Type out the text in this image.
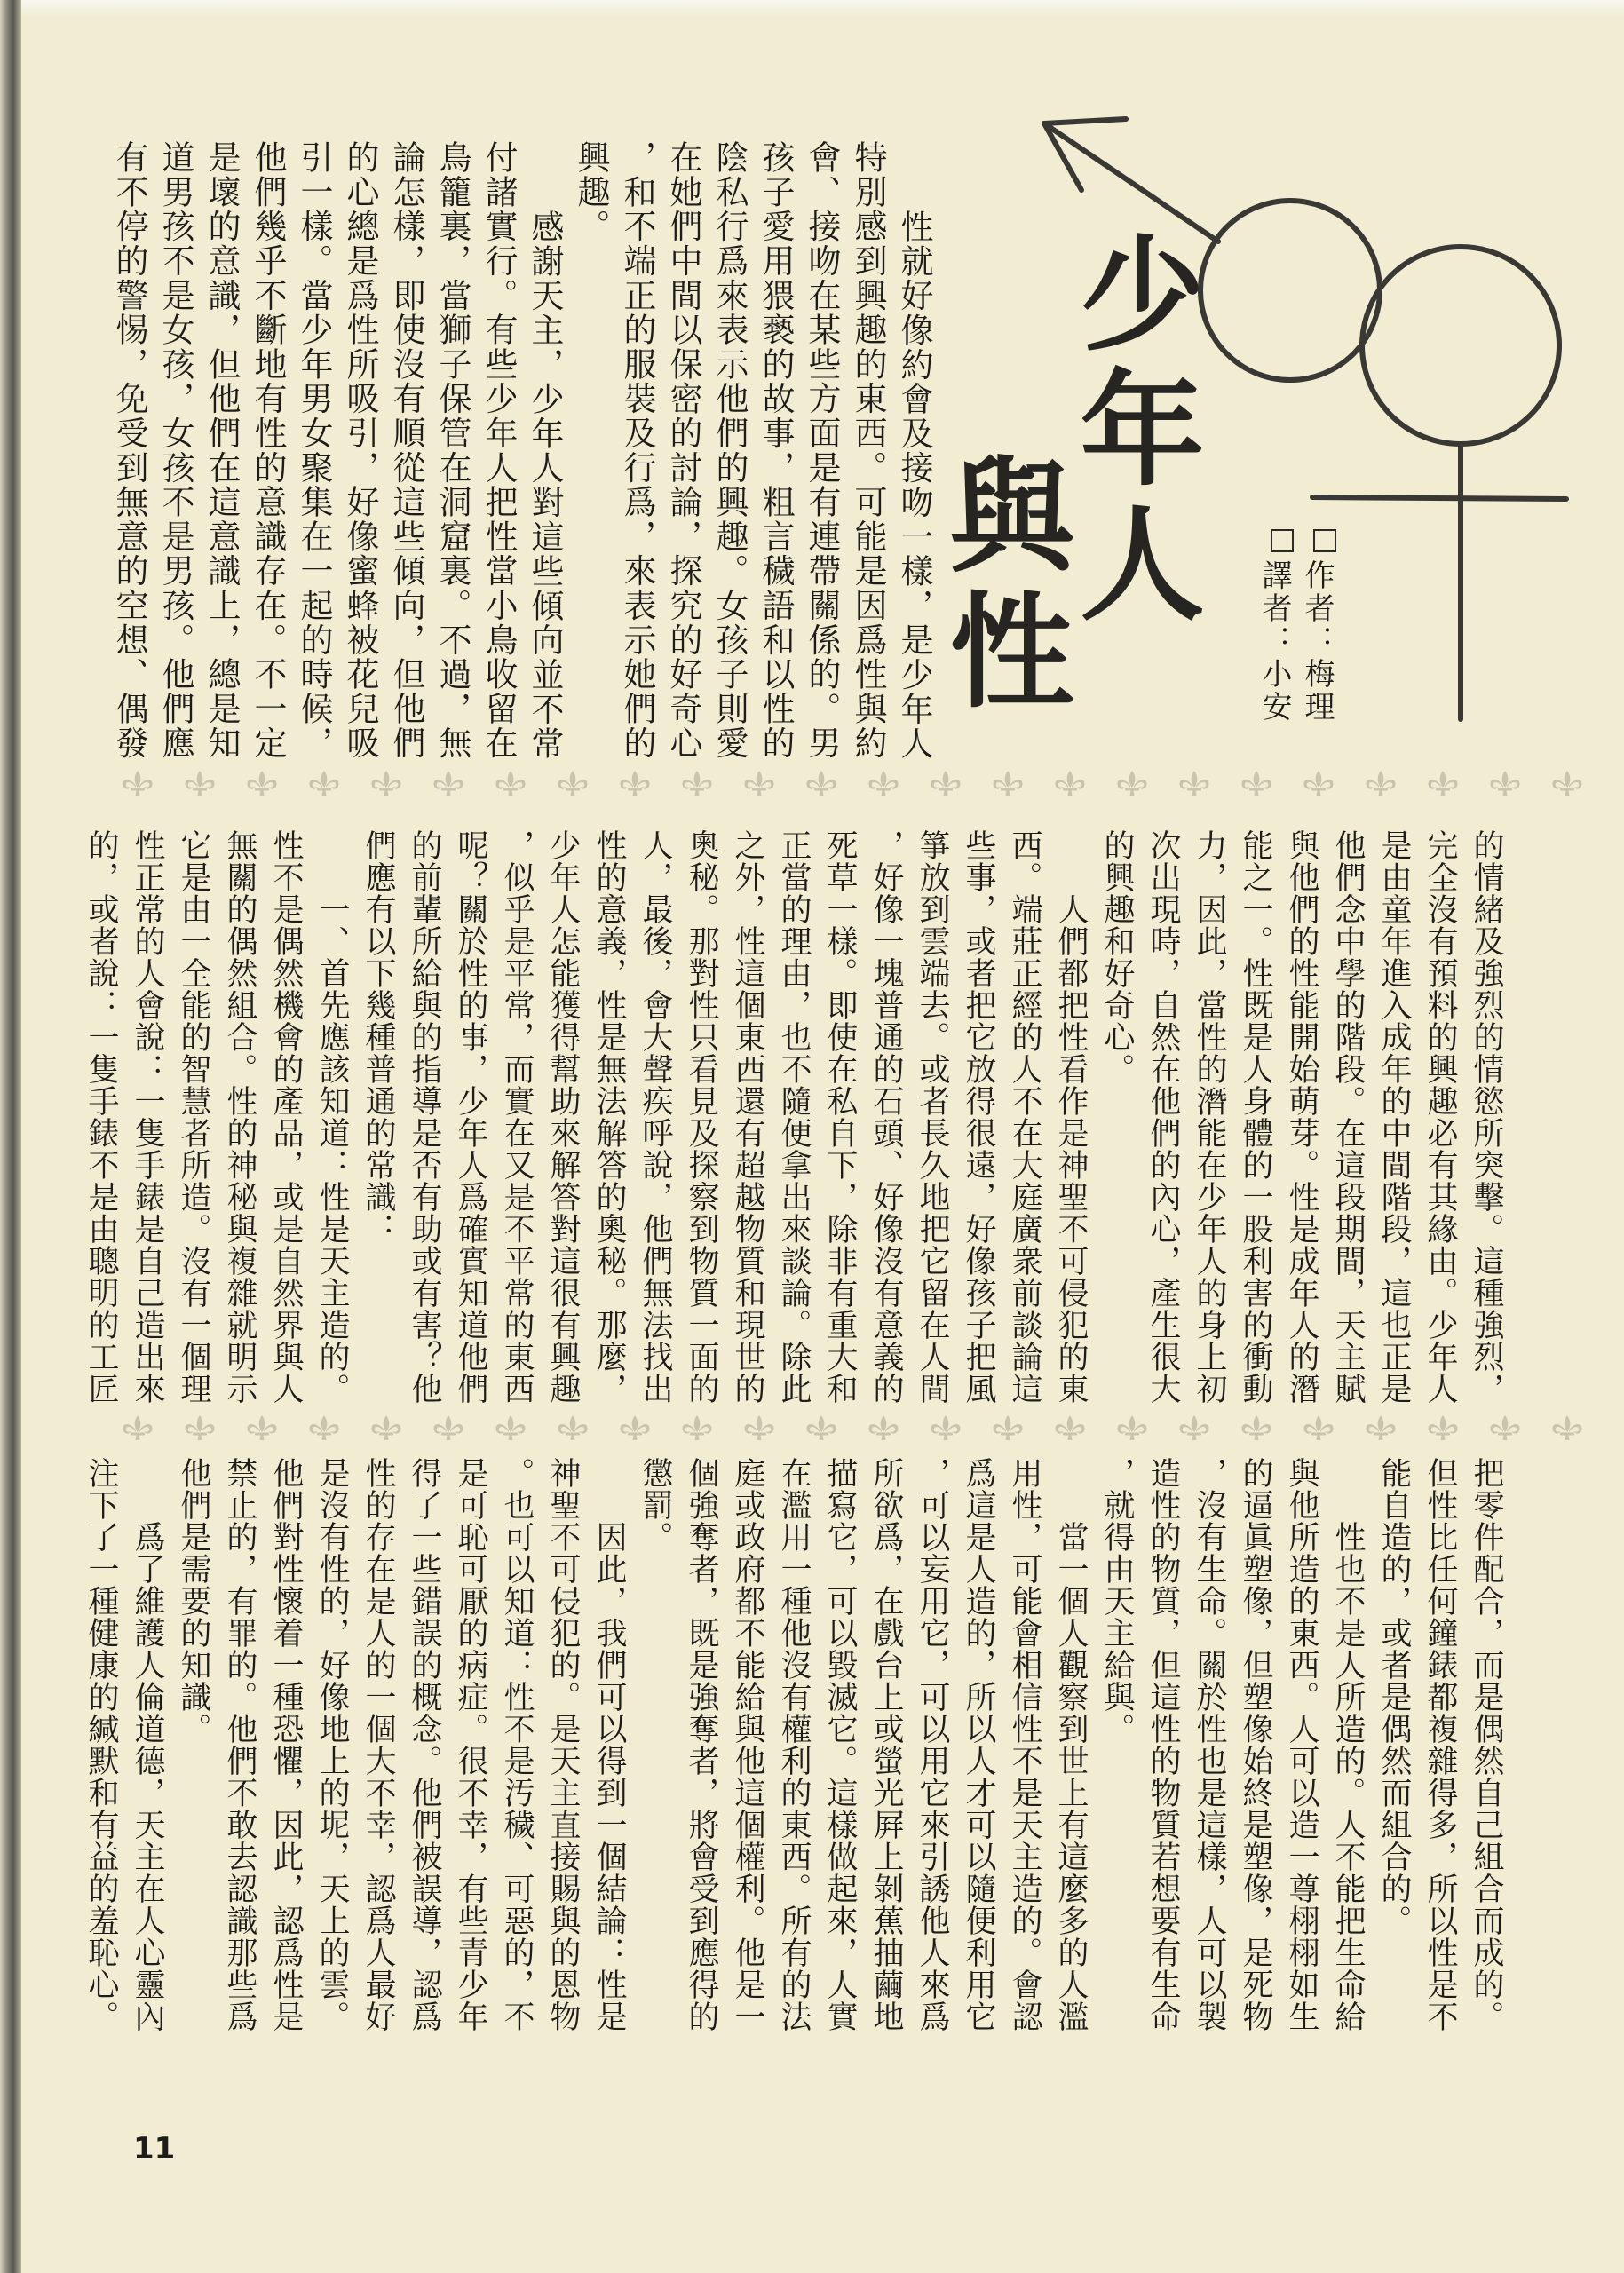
少年人
與性	作者：梅理
譯者：小安
性就好像約會及接吻一樣，是少年人
特別感到興趣的東西。可能是因爲性與約
會、接吻在某些方面是有連帶關係的。男
孩子愛用猥褻的故事，粗言穢語和以性的
陰私行爲來表示他們的興趣。女孩子則愛
在她們中間以保密的討論，探究的好奇心
，和不端正的服裝及行爲，來表示她們的
興趣。
感謝天主，少年人對這些傾向並不常
付諸實行。有些少年人把性當小鳥收留在
鳥籠裏，當獅子保管在洞窟裏。不過，無
論怎樣，即使沒有順從這些傾向，但他們
的心總是爲性所吸引，好像蜜蜂被花兒吸
引一樣。當少年男女聚集在一起的時候，
他們幾乎不斷地有性的意識存在。不一定
是壞的意識，但他們在這意識上，總是知
道男孩不是女孩，女孩不是男孩。他們應
有不停的警惕，免受到無意的空想、偶發
的情緒及強烈的情慾所突擊。這種強烈，
完全沒有預料的興趣必有其緣由。少年人
是由童年進入成年的中間階段，這也正是
他們念中學的階段。在這段期間，天主賦
與他們的性能開始萌芽。性是成年人的潛
能之一。性既是人身體的一股利害的衝動
力，因此，當性的潛能在少年人的身上初
次出現時，自然在他們的內心，產生很大
的興趣和好奇心。
人們都把性看作是神聖不可侵犯的東
西。端莊正經的人不在大庭廣衆前談論這
些事，或者把它放得很遠，好像孩子把風
箏放到雲端去。或者長久地把它留在人間
，好像一塊普通的石頭、好像沒有意義的
死草一樣。即使在私自下，除非有重大和
正當的理由，也不隨便拿出來談論。除此
之外，性這個東西還有超越物質和現世的
奧秘。那對性只看見及探察到物質一面的
人，最後，會大聲疾呼說，他們無法找出
性的意義，性是無法解答的奧秘。那麼，
少年人怎能獲得幫助來解答對這很有興趣
，似乎是平常，而實在又是不平常的東西
呢？關於性的事，少年人爲確實知道他們
的前輩所給與的指導是否有助或有害？他
們應有以下幾種普通的常識：
一、首先應該知道：性是天主造的。
性不是偶然機會的產品，或是自然界與人
無關的偶然組合。性的神秘與複雜就明示
它是由一全能的智慧者所造。沒有一個理
性正常的人會說：一隻手錶是自己造出來
的，或者說：一隻手錶不是由聰明的工匠
把零件配合，而是偶然自己組合而成的。
但性比任何鐘錶都複雜得多，所以性是不
能自造的，或者是偶然而組合的。
性也不是人所造的。人不能把生命給
與他所造的東西。人可以造一尊栩栩如生
的逼眞塑像，但塑像始終是塑像，是死物
，沒有生命。關於性也是這樣，人可以製
造性的物質，但這性的物質若想要有生命
，就得由天主給與。
當一個人觀察到世上有這麼多的人濫
用性，可能會相信性不是天主造的。會認
爲這是人造的，所以人才可以隨便利用它
，可以妄用它，可以用它來引誘他人來爲
所欲爲，在戲台上或螢光屛上剝蕉抽繭地
描寫它，可以毀滅它。這樣做起來，人實
在濫用一種他沒有權利的東西。所有的法
庭或政府都不能給與他這個權利。他是一
個強奪者，既是強奪者，將會受到應得的
懲罰。
因此，我們可以得到一個結論：性是
神聖不可侵犯的。是天主直接賜與的恩物
。也可以知道：性不是汚穢、可惡的，不
是可恥可厭的病症。很不幸，有些青少年
得了一些錯誤的概念。他們被誤導，認爲
性的存在是人的一個大不幸，認爲人最好
是沒有性的，好像地上的坭，天上的雲。
他們對性懷着一種恐懼，因此，認爲性是
禁止的，有罪的。他們不敢去認識那些爲
他們是需要的知識。
爲了維護人倫道德，天主在人心靈內
注下了一種健康的緘默和有益的羞恥心。
11
